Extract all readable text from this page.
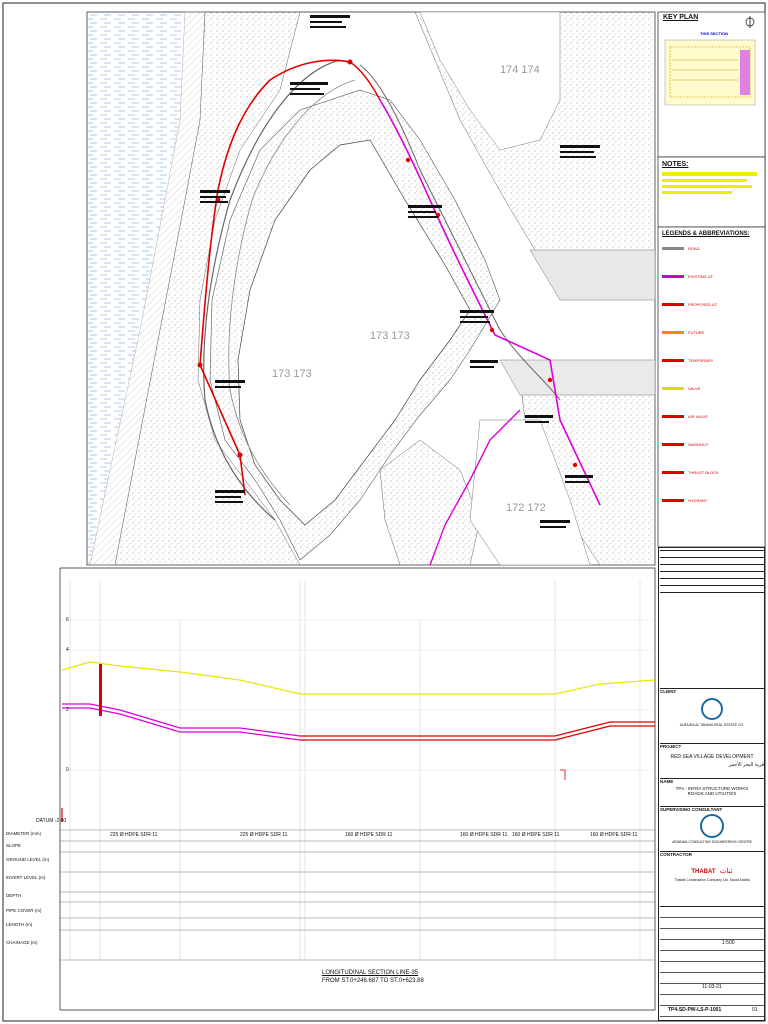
KEY PLAN
THIS SECTION
NOTES:
LEGENDS & ABBREVIATIONS:
ROAD
EXISTING UT
PROPOSED UT
FUTURE
TEMPORARY
VALVE
AIR VALVE
WASHOUT
THRUST BLOCK
HYDRANT
174 174
173 173
173 173
172 172
6
4
2
0
DATUM -2.00
DIAMETER (mm)
SLOPE
GROUND LEVEL (m)
INVERT LEVEL (m)
DEPTH
PIPE COVER (m)
LENGTH (m)
CHAINAGE (m)
225 Ø HDPE SDR 11	225 Ø HDPE SDR 11	160 Ø HDPE SDR 11	160 Ø HDPE SDR 11 160 Ø HDPE SDR 11	160 Ø HDPE SDR 11
LONGITUDINAL SECTION LINE-35
FROM ST.0+246.687 TO ST.0+623.88
CLIENT
ALBAIDA AL TANMIA REAL ESTATE CO.
PROJECT
RED SEA VILLAGE DEVELOPMENT
قرية البحر الأحمر
NAME
TP4 - INFRA STRUCTURE WORKS
ROADS AND UTILITIES
SUPERVISING CONSULTANT
ARABIAN CONSULTING ENGINEERING CENTRE
CONTRACTOR
THABAT ثبات
Thabat Construction Company Ltd. Saudi Arabia
1:500
11-03-21
TP4-SD-PW-LS-P-1001	01
